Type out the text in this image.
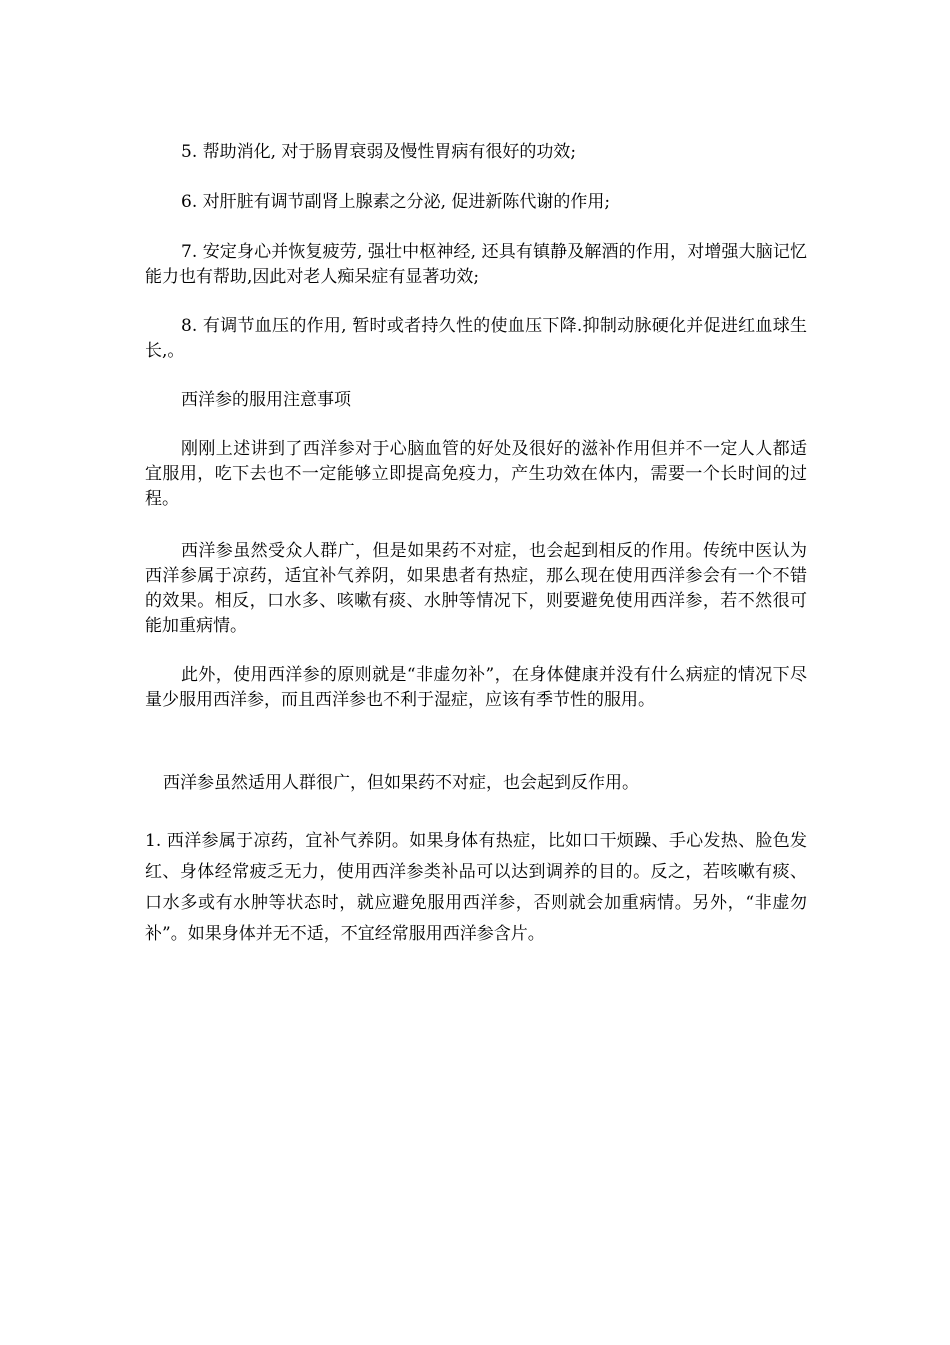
5. 帮助消化, 对于肠胃衰弱及慢性胃病有很好的功效;

6. 对肝脏有调节副肾上腺素之分泌, 促进新陈代谢的作用;

7. 安定身心并恢复疲劳, 强壮中枢神经, 还具有镇静及解酒的作用，对增强大脑记忆能力也有帮助,因此对老人痴呆症有显著功效;

8. 有调节血压的作用, 暂时或者持久性的使血压下降.抑制动脉硬化并促进红血球生长,。

西洋参的服用注意事项

刚刚上述讲到了西洋参对于心脑血管的好处及很好的滋补作用但并不一定人人都适宜服用，吃下去也不一定能够立即提高免疫力，产生功效在体内，需要一个长时间的过程。

西洋参虽然受众人群广，但是如果药不对症，也会起到相反的作用。传统中医认为西洋参属于凉药，适宜补气养阴，如果患者有热症，那么现在使用西洋参会有一个不错的效果。相反，口水多、咳嗽有痰、水肿等情况下，则要避免使用西洋参，若不然很可能加重病情。

此外，使用西洋参的原则就是“非虚勿补”，在身体健康并没有什么病症的情况下尽量少服用西洋参，而且西洋参也不利于湿症，应该有季节性的服用。

西洋参虽然适用人群很广，但如果药不对症，也会起到反作用。

1. 西洋参属于凉药，宜补气养阴。如果身体有热症，比如口干烦躁、手心发热、脸色发红、身体经常疲乏无力，使用西洋参类补品可以达到调养的目的。反之，若咳嗽有痰、口水多或有水肿等状态时，就应避免服用西洋参，否则就会加重病情。另外，“非虚勿补”。如果身体并无不适，不宜经常服用西洋参含片。
